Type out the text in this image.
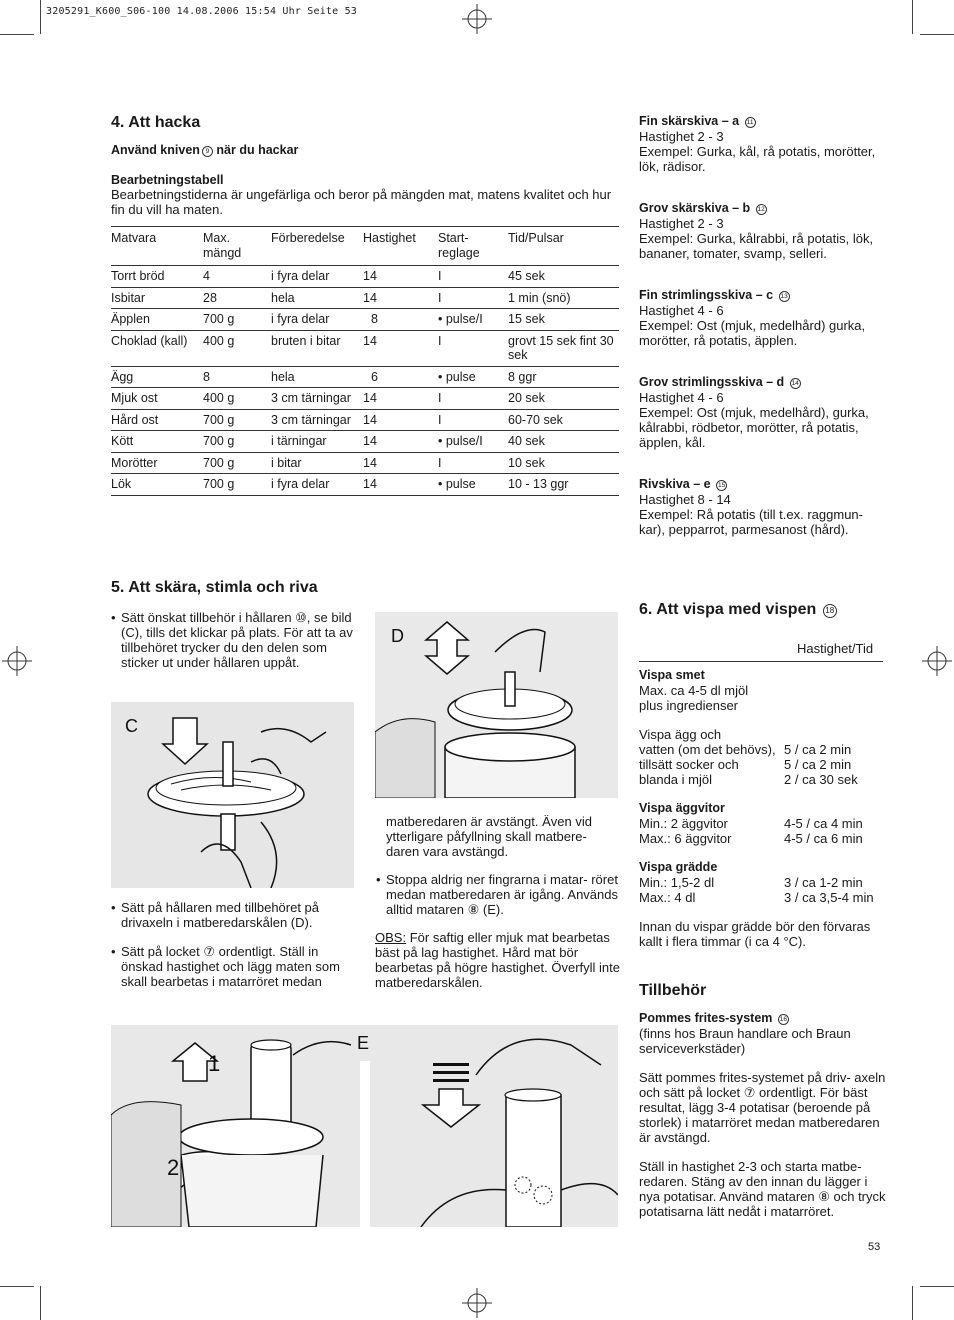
3205291_K600_S06-100 14.08.2006 15:54 Uhr Seite 53
4. Att hacka
Använd kniven 9 när du hackar
Bearbetningstabell
Bearbetningstiderna är ungefärliga och beror på mängden mat, matens kvalitet och hur fin du vill ha maten.
Matvara	Max. mängd	Förberedelse	Hastighet	Start- reglage	Tid/Pulsar
Torrt bröd	4	i fyra delar	14	I	45 sek
Isbitar	28	hela	14	I	1 min (snö)
Äpplen	700 g	i fyra delar	8	• pulse/I	15 sek
Choklad (kall)	400 g	bruten i bitar	14	I	grovt 15 sek fint 30 sek
Ägg	8	hela	6	• pulse	8 ggr
Mjuk ost	400 g	3 cm tärningar	14	I	20 sek
Hård ost	700 g	3 cm tärningar	14	I	60-70 sek
Kött	700 g	i tärningar	14	• pulse/I	40 sek
Morötter	700 g	i bitar	14	I	10 sek
Lök	700 g	i fyra delar	14	• pulse	10 - 13 ggr
Fin skärskiva – a 11
Hastighet 2 - 3
Exempel: Gurka, kål, rå potatis, morötter, lök, rädisor.
Grov skärskiva – b 12
Hastighet 2 - 3
Exempel: Gurka, kålrabbi, rå potatis, lök, bananer, tomater, svamp, selleri.
Fin strimlingsskiva – c 13
Hastighet 4 - 6
Exempel: Ost (mjuk, medelhård) gurka, morötter, rå potatis, äpplen.
Grov strimlingsskiva – d 14
Hastighet 4 - 6
Exempel: Ost (mjuk, medelhård), gurka, kålrabbi, rödbetor, morötter, rå potatis, äpplen, kål.
Rivskiva – e 15
Hastighet 8 - 14
Exempel: Rå potatis (till t.ex. raggmun- kar), pepparrot, parmesanost (hård).
5. Att skära, stimla och riva
• Sätt önskat tillbehör i hållaren ⑩, se bild (C), tills det klickar på plats. För att ta av tillbehöret trycker du den delen som sticker ut under hållaren uppåt.
C
• Sätt på hållaren med tillbehöret på drivaxeln i matberedarskålen (D).
• Sätt på locket ⑦ ordentligt. Ställ in önskad hastighet och lägg maten som skall bearbetas i matarröret medan
D
matberedaren är avstängt. Även vid ytterligare påfyllning skall matbere- daren vara avstängd.
• Stoppa aldrig ner fingrarna i matar- röret medan matberedaren är igång. Används alltid mataren ⑧ (E).
OBS: För saftig eller mjuk mat bearbetas bäst på lag hastighet. Hård mat bör bearbetas på högre hastighet. Överfyll inte matberedarskålen.
1
2
E
6. Att vispa med vispen 18
Hastighet/Tid
Vispa smet
Max. ca 4-5 dl mjöl
plus ingredienser
Vispa ägg och
vatten (om det behövs), 5 / ca 2 min
tillsätt socker och	5 / ca 2 min
blanda i mjöl	2 / ca 30 sek
Vispa äggvitor
Min.: 2 äggvitor	4-5 / ca 4 min
Max.: 6 äggvitor	4-5 / ca 6 min
Vispa grädde
Min.: 1,5-2 dl	3 / ca 1-2 min
Max.: 4 dl	3 / ca 3,5-4 min
Innan du vispar grädde bör den förvaras kallt i flera timmar (i ca 4 °C).
Tillbehör
Pommes frites-system 16
(finns hos Braun handlare och Braun serviceverkstäder)
Sätt pommes frites-systemet på driv- axeln och sätt på locket ⑦ ordentligt. För bäst resultat, lägg 3-4 potatisar (beroende på storlek) i matarröret medan matberedaren är avstängd.
Ställ in hastighet 2-3 och starta matbe- redaren. Stäng av den innan du lägger i nya potatisar. Använd mataren ⑧ och tryck potatisarna lätt nedåt i matarröret.
53
